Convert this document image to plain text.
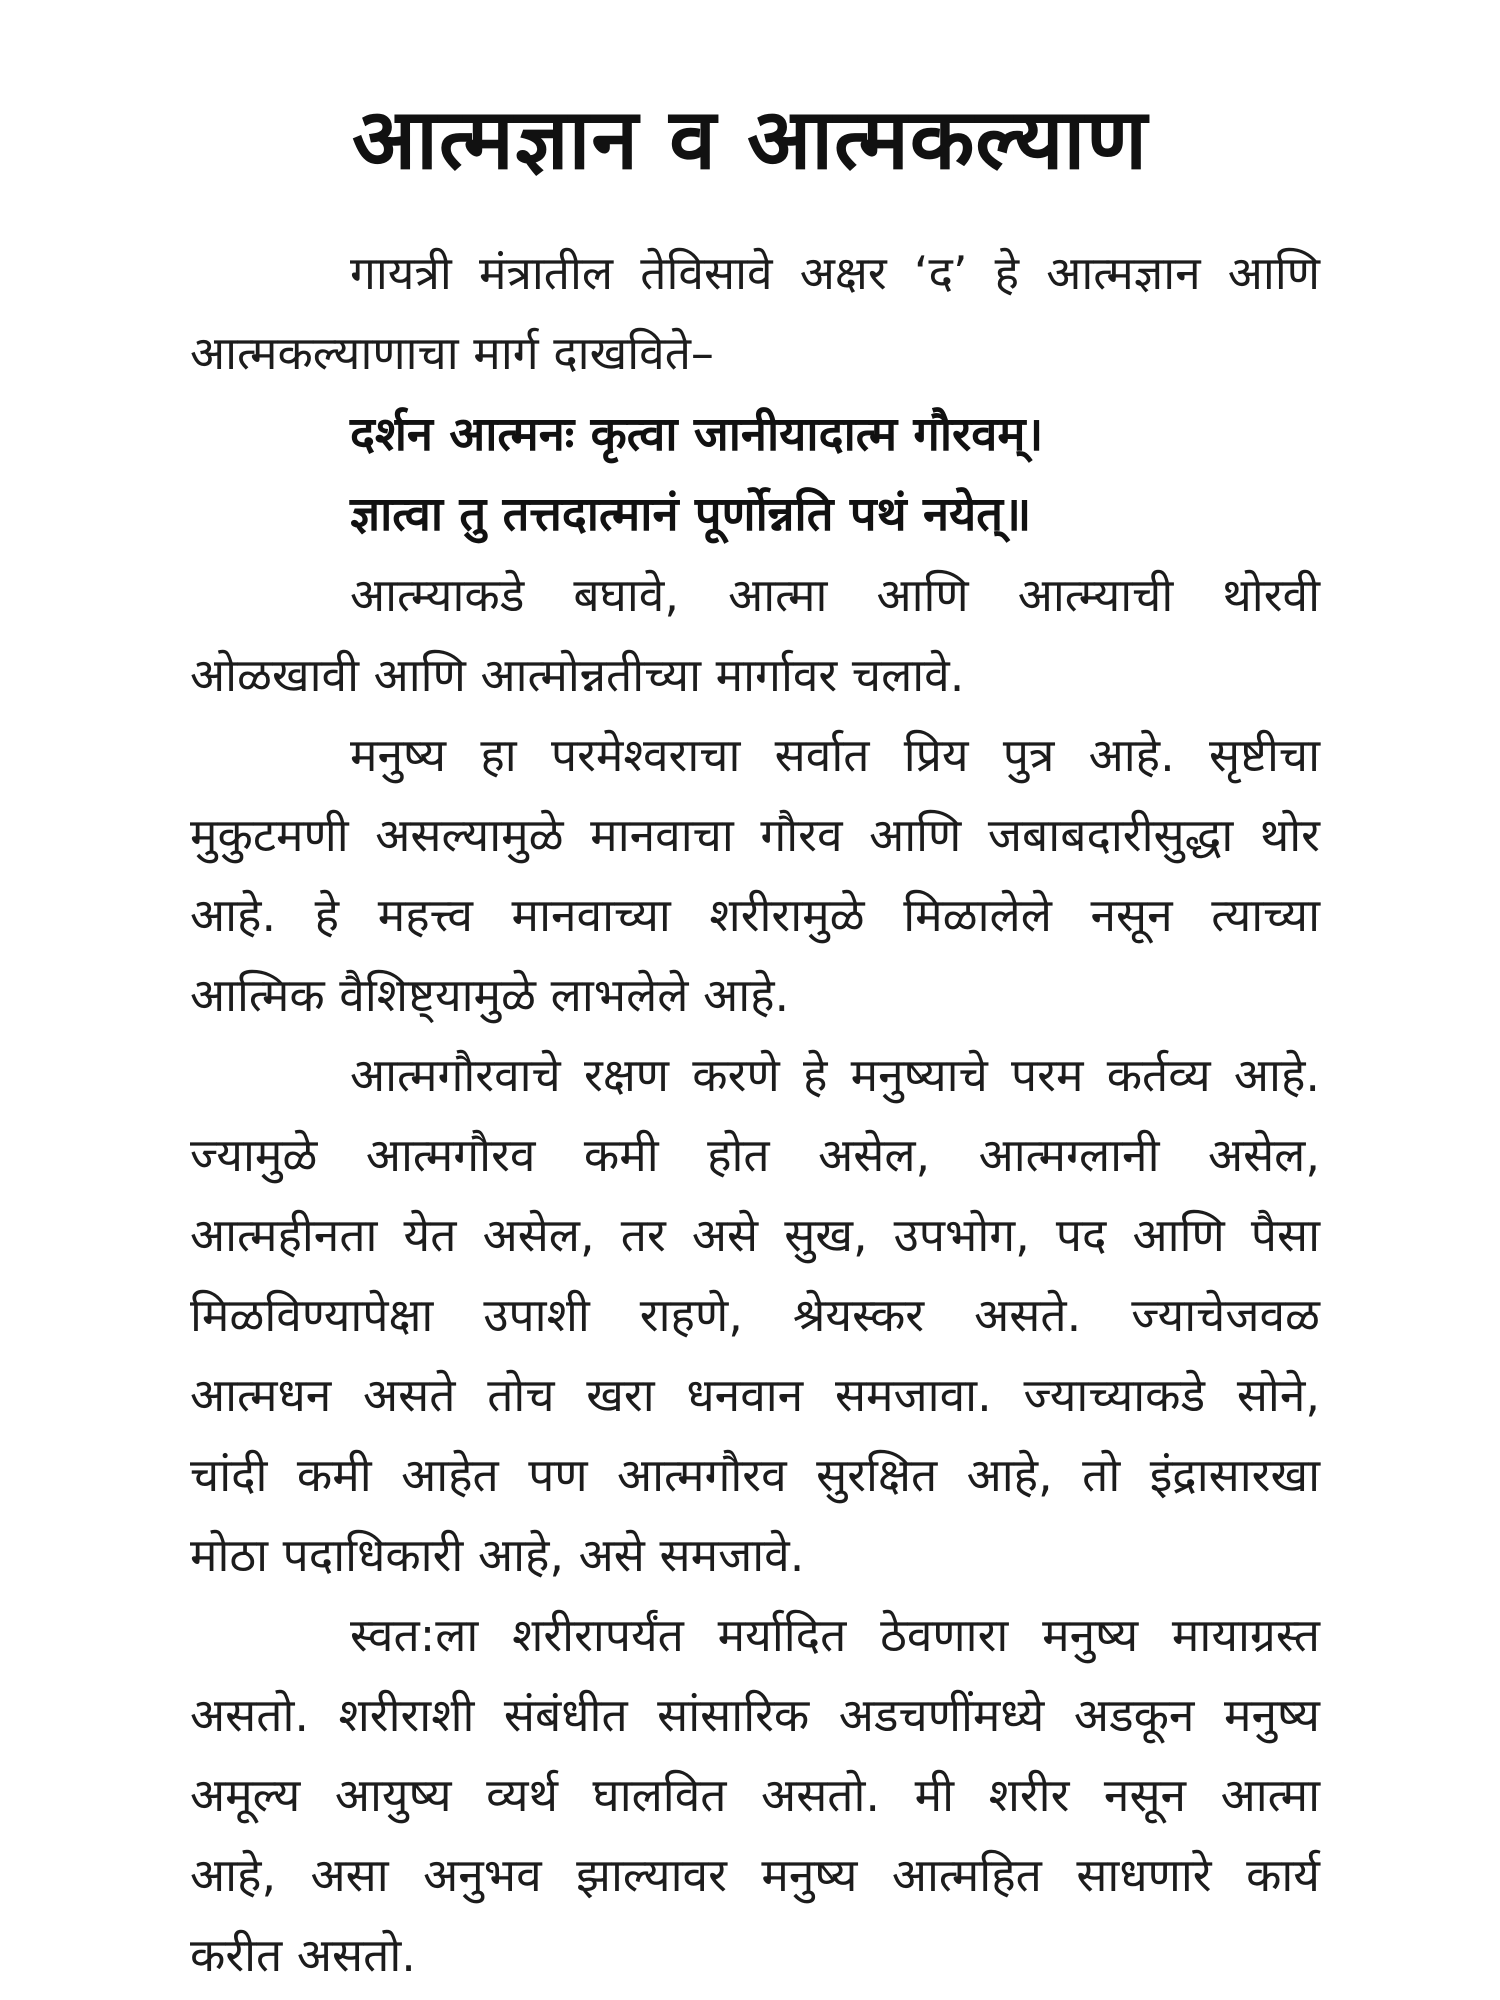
आत्मज्ञान व आत्मकल्याण
गायत्री मंत्रातील तेविसावे अक्षर ‘द’ हे आत्मज्ञान आणि
आत्मकल्याणाचा मार्ग दाखविते–
दर्शन आत्मनः कृत्वा जानीयादात्म गौरवम्।
ज्ञात्वा तु तत्तदात्मानं पूर्णोन्नति पथं नयेत्॥
आत्म्याकडे बघावे, आत्मा आणि आत्म्याची थोरवी
ओळखावी आणि आत्मोन्नतीच्या मार्गावर चलावे.
मनुष्य हा परमेश्वराचा सर्वात प्रिय पुत्र आहे. सृष्टीचा
मुकुटमणी असल्यामुळे मानवाचा गौरव आणि जबाबदारीसुद्धा थोर
आहे. हे महत्त्व मानवाच्या शरीरामुळे मिळालेले नसून त्याच्या
आत्मिक वैशिष्ट्यामुळे लाभलेले आहे.
आत्मगौरवाचे रक्षण करणे हे मनुष्याचे परम कर्तव्य आहे.
ज्यामुळे आत्मगौरव कमी होत असेल, आत्मग्लानी असेल,
आत्महीनता येत असेल, तर असे सुख, उपभोग, पद आणि पैसा
मिळविण्यापेक्षा उपाशी राहणे, श्रेयस्कर असते. ज्याचेजवळ
आत्मधन असते तोच खरा धनवान समजावा. ज्याच्याकडे सोने,
चांदी कमी आहेत पण आत्मगौरव सुरक्षित आहे, तो इंद्रासारखा
मोठा पदाधिकारी आहे, असे समजावे.
स्वत:ला शरीरापर्यंत मर्यादित ठेवणारा मनुष्य मायाग्रस्त
असतो. शरीराशी संबंधीत सांसारिक अडचणींमध्ये अडकून मनुष्य
अमूल्य आयुष्य व्यर्थ घालवित असतो. मी शरीर नसून आत्मा
आहे, असा अनुभव झाल्यावर मनुष्य आत्महित साधणारे कार्य
करीत असतो.
